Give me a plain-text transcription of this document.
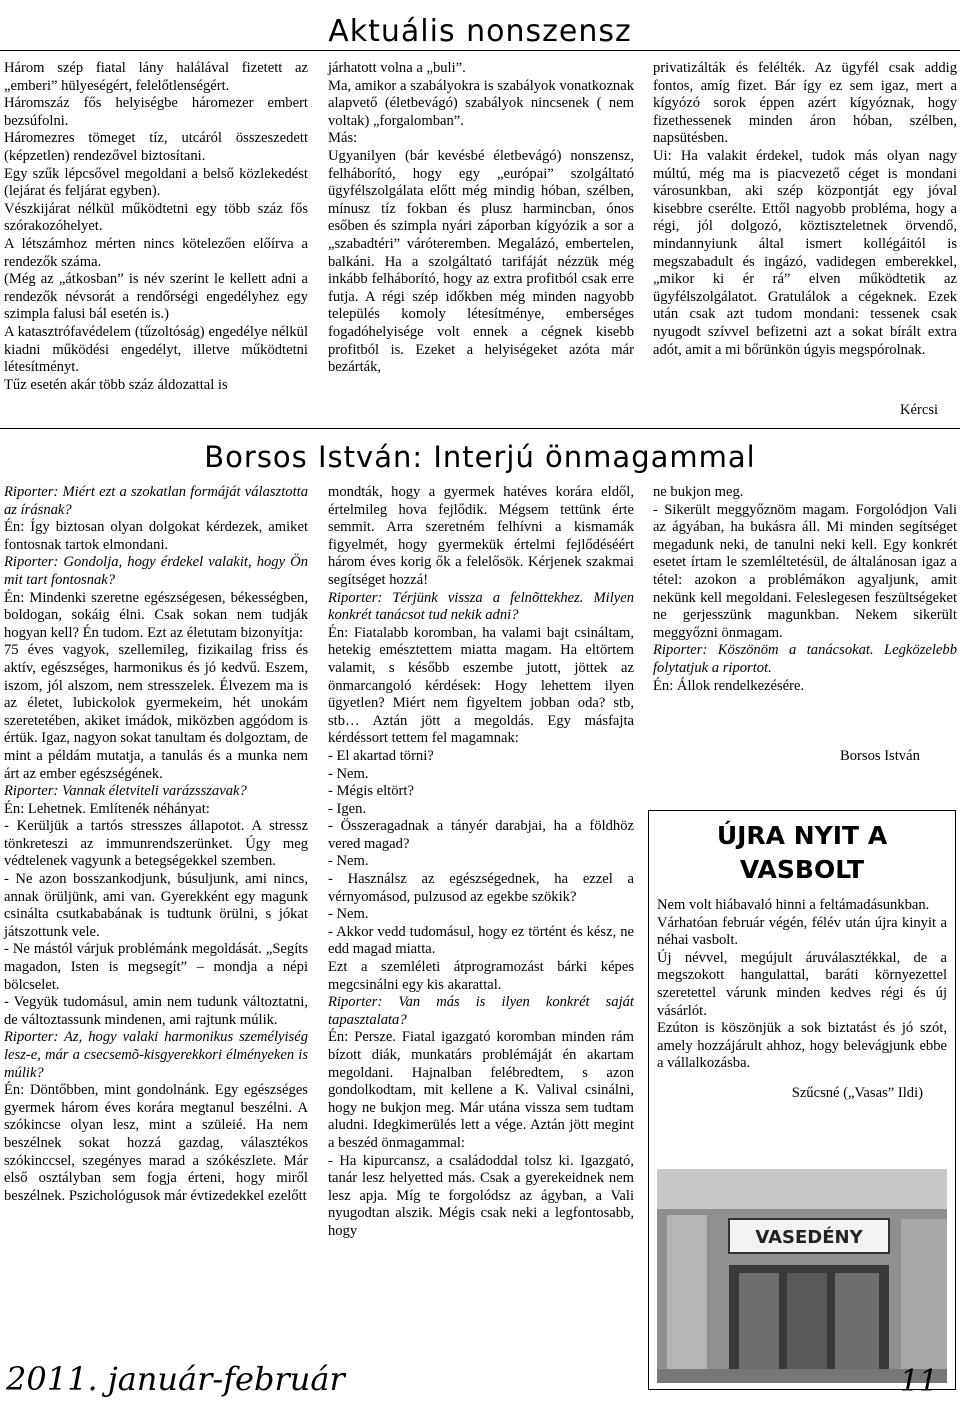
Aktuális nonszensz

Három szép fiatal lány halálával fizetett az „emberi” hülyeségért, felelőtlenségért.

Háromszáz fős helyiségbe háromezer embert bezsúfolni.

Háromezres tömeget tíz, utcáról összeszedett (képzetlen) rendezővel biztosítani.

Egy szűk lépcsővel megoldani a belső közlekedést (lejárat és feljárat egyben).

Vészkijárat nélkül működtetni egy több száz fős szórakozóhelyet.

A létszámhoz mérten nincs kötelezően előírva a rendezők száma.

(Még az „átkosban” is név szerint le kellett adni a rendezők névsorát a rendőrségi engedélyhez egy szimpla falusi bál esetén is.)

A katasztrófavédelem (tűzoltóság) engedélye nélkül kiadni működési engedélyt, illetve működtetni létesítményt.

Tűz esetén akár több száz áldozattal is

járhatott volna a „buli”.

Ma, amikor a szabályokra is szabályok vonatkoznak alapvető (életbevágó) szabályok nincsenek ( nem voltak) „forgalomban”.

Más:

Ugyanilyen (bár kevésbé életbevágó) nonszensz, felháborító, hogy egy „európai” szolgáltató ügyfélszolgálata előtt még mindig hóban, szélben, mínusz tíz fokban és plusz harmincban, ónos esőben és szimpla nyári záporban kígyózik a sor a „szabadtéri” váróteremben. Megalázó, embertelen, balkáni. Ha a szolgáltató tarifáját nézzük még inkább felháborító, hogy az extra profitból csak erre futja. A régi szép időkben még minden nagyobb település komoly létesítménye, emberséges fogadóhelyisége volt ennek a cégnek kisebb profitból is. Ezeket a helyiségeket azóta már bezárták,

privatizálták és felélték. Az ügyfél csak addig fontos, amíg fizet. Bár így ez sem igaz, mert a kígyózó sorok éppen azért kígyóznak, hogy fizethessenek minden áron hóban, szélben, napsütésben.

Ui: Ha valakit érdekel, tudok más olyan nagy múltú, még ma is piacvezető céget is mondani városunkban, aki szép központját egy jóval kisebbre cserélte. Ettől nagyobb probléma, hogy a régi, jól dolgozó, köztiszteletnek örvendő, mindannyiunk által ismert kollégáitól is megszabadult és ingázó, vadidegen emberekkel, „mikor ki ér rá” elven működtetik az ügyfélszolgálatot. Gratulálok a cégeknek. Ezek után csak azt tudom mondani: tessenek csak nyugodt szívvel befizetni azt a sokat bírált extra adót, amit a mi bőrünkön úgyis megspórolnak.

Kércsi
Borsos István: Interjú önmagammal

Riporter: Miért ezt a szokatlan formáját választotta az írásnak?

Én: Így biztosan olyan dolgokat kérdezek, amiket fontosnak tartok elmondani.

Riporter: Gondolja, hogy érdekel valakit, hogy Ön mit tart fontosnak?

Én: Mindenki szeretne egészségesen, békességben, boldogan, sokáig élni. Csak sokan nem tudják hogyan kell? Én tudom. Ezt az életutam bizonyítja:

75 éves vagyok, szellemileg, fizikailag friss és aktív, egészséges, harmonikus és jó kedvű. Eszem, iszom, jól alszom, nem stresszelek. Élvezem ma is az életet, lubickolok gyermekeim, hét unokám szeretetében, akiket imádok, miközben aggódom is értük. Igaz, nagyon sokat tanultam és dolgoztam, de mint a példám mutatja, a tanulás és a munka nem árt az ember egészségének.

Riporter: Vannak életviteli varázsszavak?

Én: Lehetnek. Említenék néhányat:

- Kerüljük a tartós stresszes állapotot. A stressz tönkreteszi az immunrendszerünket. Úgy meg védtelenek vagyunk a betegségekkel szemben.

- Ne azon bosszankodjunk, búsuljunk, ami nincs, annak örüljünk, ami van. Gyerekként egy magunk csinálta csutkababának is tudtunk örülni, s jókat játszottunk vele.

- Ne mástól várjuk problémánk megoldását. „Segíts magadon, Isten is megsegít” – mondja a népi bölcselet.

- Vegyük tudomásul, amin nem tudunk változtatni, de változtassunk mindenen, ami rajtunk múlik.

Riporter: Az, hogy valaki harmonikus személyiség lesz-e, már a csecsemõ-kisgyerekkori élményeken is múlik?

Én: Döntőbben, mint gondolnánk. Egy egészséges gyermek három éves korára megtanul beszélni. A szókincse olyan lesz, mint a szüleié. Ha nem beszélnek sokat hozzá gazdag, választékos szókinccsel, szegényes marad a szókészlete. Már első osztályban sem fogja érteni, hogy miről beszélnek. Pszichológusok már évtizedekkel ezelőtt

mondták, hogy a gyermek hatéves korára eldől, értelmileg hova fejlődik. Mégsem tettünk érte semmit. Arra szeretném felhívni a kismamák figyelmét, hogy gyermekük értelmi fejlődéséért három éves korig ők a felelősök. Kérjenek szakmai segítséget hozzá!

Riporter: Térjünk vissza a felnõttekhez. Milyen konkrét tanácsot tud nekik adni?

Én: Fiatalabb koromban, ha valami bajt csináltam, hetekig emésztettem miatta magam. Ha eltörtem valamit, s később eszembe jutott, jöttek az önmarcangoló kérdések: Hogy lehettem ilyen ügyetlen? Miért nem figyeltem jobban oda? stb, stb… Aztán jött a megoldás. Egy másfajta kérdéssort tettem fel magamnak:

- El akartad törni?

- Nem.

- Mégis eltört?

- Igen.

- Összeragadnak a tányér darabjai, ha a földhöz vered magad?

- Nem.

- Használsz az egészségednek, ha ezzel a vérnyomásod, pulzusod az egekbe szökik?

- Nem.

- Akkor vedd tudomásul, hogy ez történt és kész, ne edd magad miatta.

Ezt a szemléleti átprogramozást bárki képes megcsinálni egy kis akarattal.

Riporter: Van más is ilyen konkrét saját tapasztalata?

Én: Persze. Fiatal igazgató koromban minden rám bízott diák, munkatárs problémáját én akartam megoldani. Hajnalban felébredtem, s azon gondolkodtam, mit kellene a K. Valival csinálni, hogy ne bukjon meg. Már utána vissza sem tudtam aludni. Idegkimerülés lett a vége. Aztán jött megint a beszéd önmagammal:

- Ha kipurcansz, a családoddal tolsz ki. Igazgató, tanár lesz helyetted más. Csak a gyerekeidnek nem lesz apja. Míg te forgolódsz az ágyban, a Vali nyugodtan alszik. Mégis csak neki a legfontosabb, hogy

ne bukjon meg.

- Sikerült meggyőznöm magam. Forgolódjon Vali az ágyában, ha bukásra áll. Mi minden segítséget megadunk neki, de tanulni neki kell. Egy konkrét esetet írtam le szemléltetésül, de általánosan igaz a tétel: azokon a problémákon agyaljunk, amit nekünk kell megoldani. Feleslegesen feszültségeket ne gerjesszünk magunkban. Nekem sikerült meggyőzni önmagam.

Riporter: Köszönöm a tanácsokat. Legközelebb folytatjuk a riportot.

Én: Állok rendelkezésére.

Borsos István
ÚJRA NYIT A
VASBOLT

Nem volt hiábavaló hinni a feltámadásunkban.

Várhatóan február végén, félév után újra kinyit a néhai vasbolt.

Új névvel, megújult áruválasztékkal, de a megszokott hangulattal, baráti környezettel szeretettel várunk minden kedves régi és új vásárlót.

Ezúton is köszönjük a sok biztatást és jó szót, amely hozzájárult ahhoz, hogy belevágjunk ebbe a vállalkozásba.

Szűcsné („Vasas” Ildi)

VASEDÉNY
2011. január-február	11
